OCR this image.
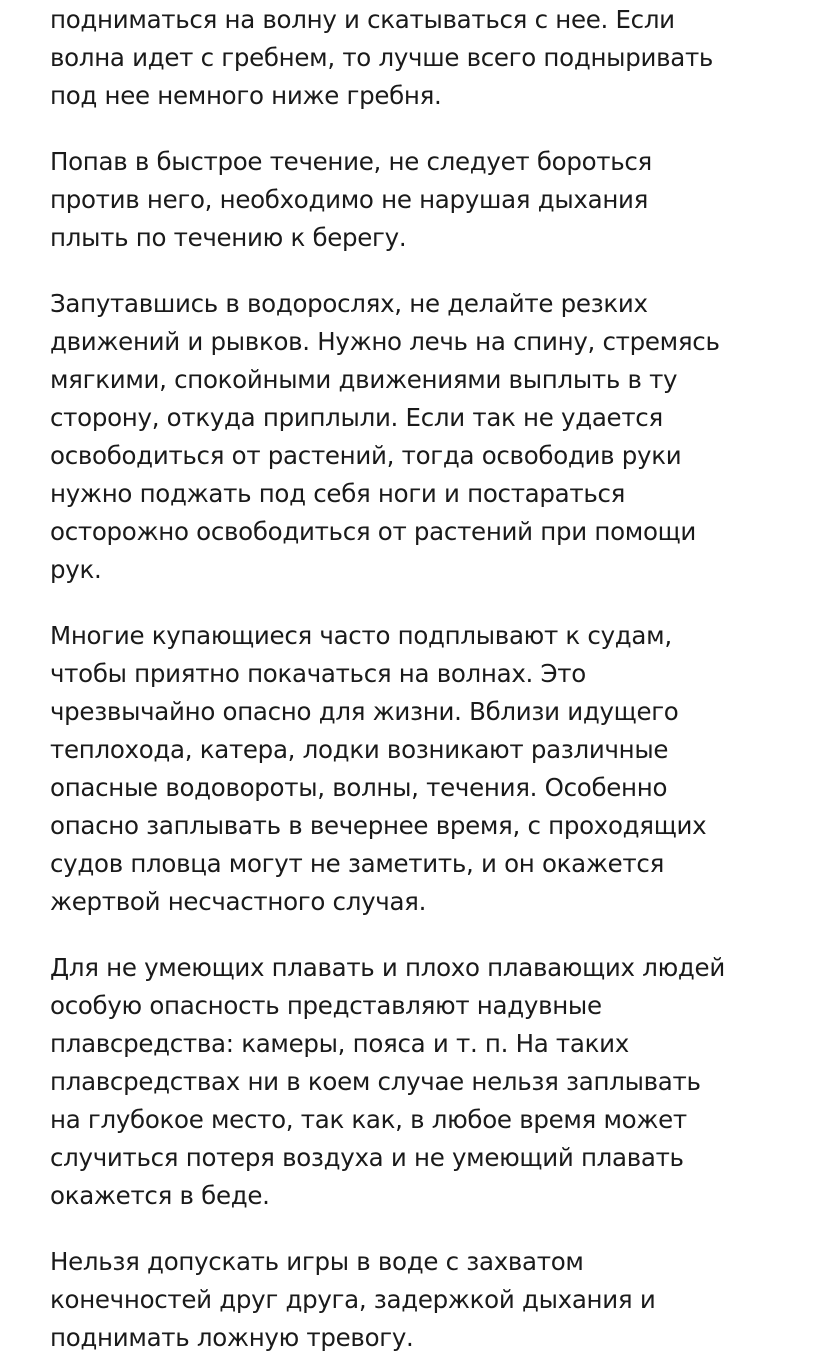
подниматься на волну и скатываться с нее. Если
волна идет с гребнем, то лучше всего подныривать
под нее немного ниже гребня.

Попав в быстрое течение, не следует бороться
против него, необходимо не нарушая дыхания
плыть по течению к берегу.

Запутавшись в водорослях, не делайте резких
движений и рывков. Нужно лечь на спину, стремясь
мягкими, спокойными движениями выплыть в ту
сторону, откуда приплыли. Если так не удается
освободиться от растений, тогда освободив руки
нужно поджать под себя ноги и постараться
осторожно освободиться от растений при помощи
рук.

Многие купающиеся часто подплывают к судам,
чтобы приятно покачаться на волнах. Это
чрезвычайно опасно для жизни. Вблизи идущего
теплохода, катера, лодки возникают различные
опасные водовороты, волны, течения. Особенно
опасно заплывать в вечернее время, с проходящих
судов пловца могут не заметить, и он окажется
жертвой несчастного случая.

Для не умеющих плавать и плохо плавающих людей
особую опасность представляют надувные
плавсредства: камеры, пояса и т. п. На таких
плавсредствах ни в коем случае нельзя заплывать
на глубокое место, так как, в любое время может
случиться потеря воздуха и не умеющий плавать
окажется в беде.

Нельзя допускать игры в воде с захватом
конечностей друг друга, задержкой дыхания и
поднимать ложную тревогу.
